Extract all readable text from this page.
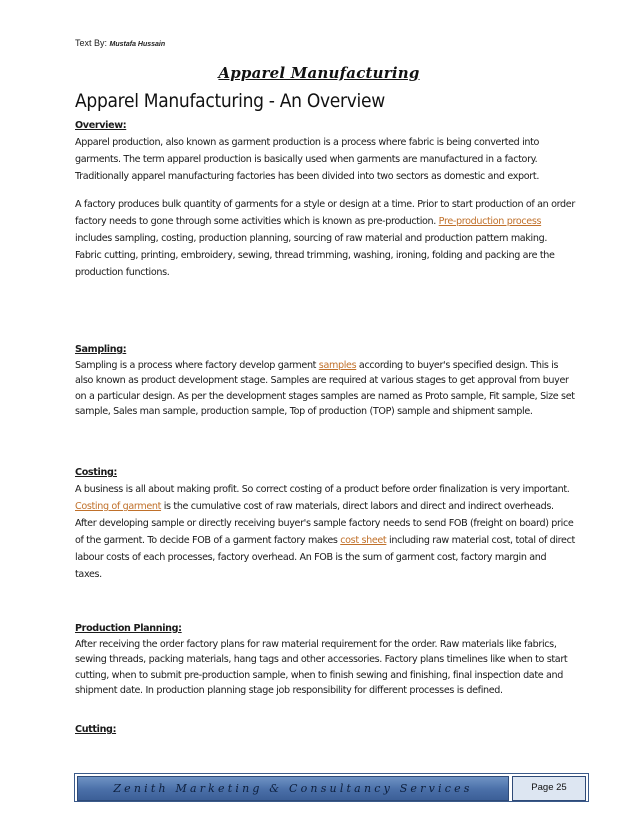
Text By: Mustafa Hussain
Apparel Manufacturing
Apparel Manufacturing - An Overview
Overview:

Apparel production, also known as garment production is a process where fabric is being converted into garments. The term apparel production is basically used when garments are manufactured in a factory. Traditionally apparel manufacturing factories has been divided into two sectors as domestic and export.

A factory produces bulk quantity of garments for a style or design at a time. Prior to start production of an order factory needs to gone through some activities which is known as pre-production. Pre-production process includes sampling, costing, production planning, sourcing of raw material and production pattern making. Fabric cutting, printing, embroidery, sewing, thread trimming, washing, ironing, folding and packing are the production functions.

Sampling:

Sampling is a process where factory develop garment samples according to buyer's specified design. This is also known as product development stage. Samples are required at various stages to get approval from buyer on a particular design. As per the development stages samples are named as Proto sample, Fit sample, Size set sample, Sales man sample, production sample, Top of production (TOP) sample and shipment sample.

Costing:

A business is all about making profit. So correct costing of a product before order finalization is very important. Costing of garment is the cumulative cost of raw materials, direct labors and direct and indirect overheads. After developing sample or directly receiving buyer's sample factory needs to send FOB (freight on board) price of the garment. To decide FOB of a garment factory makes cost sheet including raw material cost, total of direct labour costs of each processes, factory overhead. An FOB is the sum of garment cost, factory margin and taxes.

Production Planning:

After receiving the order factory plans for raw material requirement for the order. Raw materials like fabrics, sewing threads, packing materials, hang tags and other accessories. Factory plans timelines like when to start cutting, when to submit pre-production sample, when to finish sewing and finishing, final inspection date and shipment date. In production planning stage job responsibility for different processes is defined.

Cutting:
Zenith Marketing & Consultancy Services	Page 25
